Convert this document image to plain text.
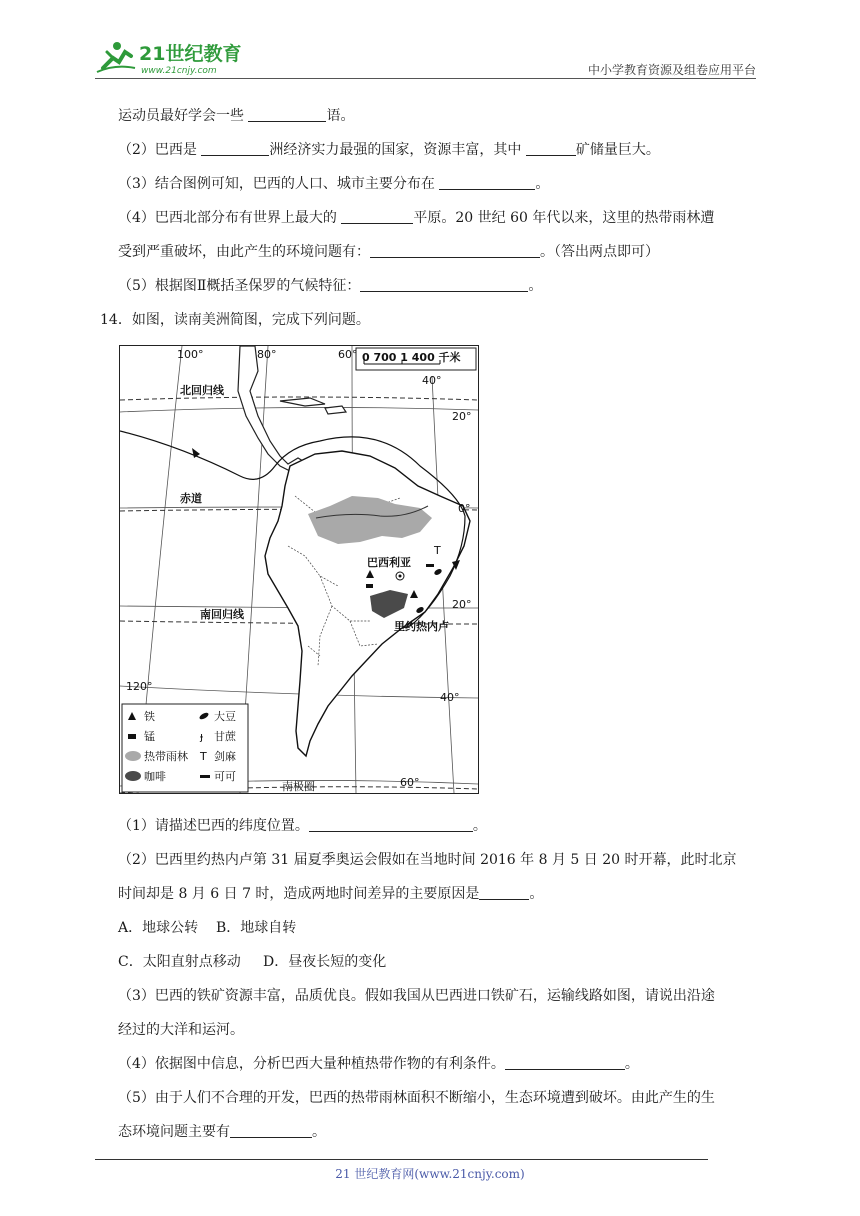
21世纪教育
www.21cnjy.com	中小学教育资源及组卷应用平台
运动员最好学会一些	语。
（2）巴西是	洲经济实力最强的国家，资源丰富，其中	矿储量巨大。
（3）结合图例可知，巴西的人口、城市主要分布在	。
（4）巴西北部分布有世界上最大的	平原。20 世纪 60 年代以来，这里的热带雨林遭
受到严重破坏，由此产生的环境问题有：	。（答出两点即可）
（5）根据图Ⅱ概括圣保罗的气候特征：	。
14．如图，读南美洲简图，完成下列问题。
T
0 700 1 400 千米
100°	80°	60°
40°
20°
0°
20°
120°
40°
60°
北回归线
赤道
南回归线
南极圈
巴西利亚
里约热内卢
铁	大豆
锰	ɟ 甘蔗
热带雨林 T 剑麻
咖啡	可可
（1）请描述巴西的纬度位置。	。
（2）巴西里约热内卢第 31 届夏季奥运会假如在当地时间 2016 年 8 月 5 日 20 时开幕，此时北京
时间却是 8 月 6 日 7 时，造成两地时间差异的主要原因是	。
A．地球公转 B．地球自转
C．太阳直射点移动 D．昼夜长短的变化
（3）巴西的铁矿资源丰富，品质优良。假如我国从巴西进口铁矿石，运输线路如图，请说出沿途
经过的大洋和运河。
（4）依据图中信息，分析巴西大量种植热带作物的有利条件。	。
（5）由于人们不合理的开发，巴西的热带雨林面积不断缩小，生态环境遭到破坏。由此产生的生
态环境问题主要有	。
21 世纪教育网(www.21cnjy.com)
